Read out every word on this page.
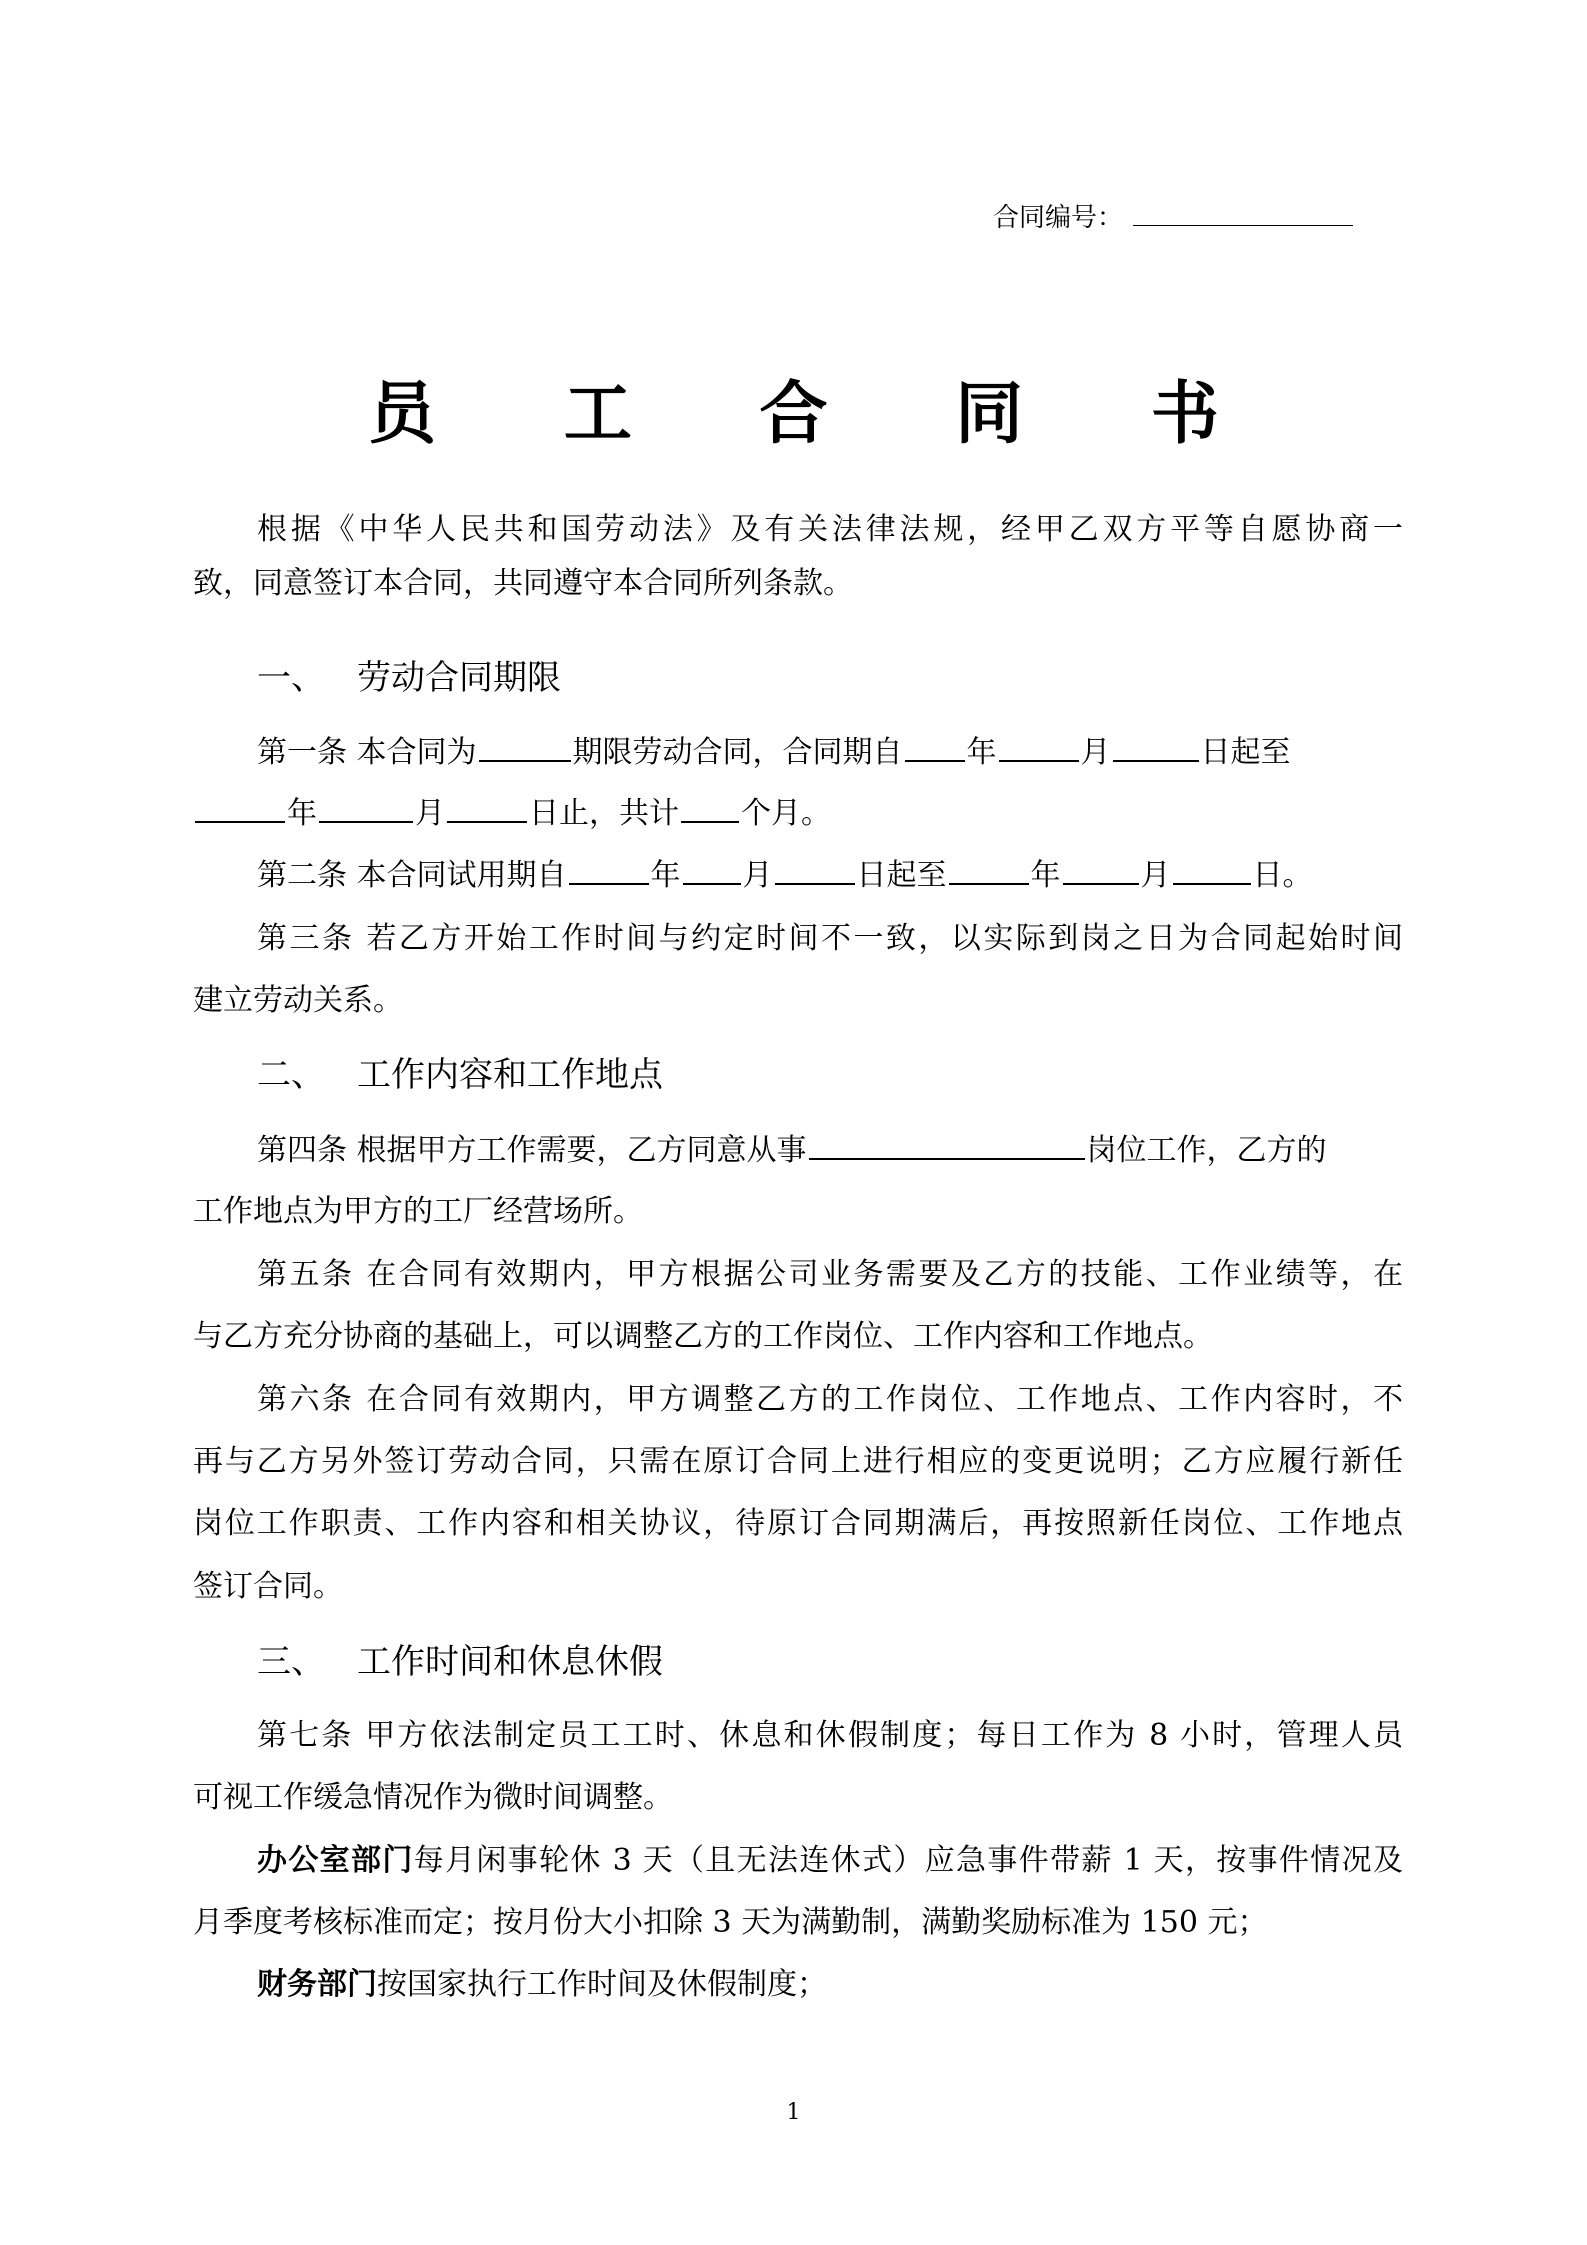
合同编号：
员 工 合 同 书
根据《中华人民共和国劳动法》及有关法律法规，经甲乙双方平等自愿协商一
致，同意签订本合同，共同遵守本合同所列条款。
一、 劳动合同期限
第一条 本合同为	期限劳动合同，合同期自 年	月	日起至
年	月	日止，共计 个月。
第二条 本合同试用期自	年 月	日起至	年	月	日。
第三条 若乙方开始工作时间与约定时间不一致，以实际到岗之日为合同起始时间
建立劳动关系。
二、 工作内容和工作地点
第四条 根据甲方工作需要，乙方同意从事	岗位工作，乙方的
工作地点为甲方的工厂经营场所。
第五条 在合同有效期内，甲方根据公司业务需要及乙方的技能、工作业绩等，在
与乙方充分协商的基础上，可以调整乙方的工作岗位、工作内容和工作地点。
第六条 在合同有效期内，甲方调整乙方的工作岗位、工作地点、工作内容时，不
再与乙方另外签订劳动合同，只需在原订合同上进行相应的变更说明；乙方应履行新任
岗位工作职责、工作内容和相关协议，待原订合同期满后，再按照新任岗位、工作地点
签订合同。
三、 工作时间和休息休假
第七条 甲方依法制定员工工时、休息和休假制度；每日工作为 8 小时，管理人员
可视工作缓急情况作为微时间调整。
办公室部门每月闲事轮休 3 天（且无法连休式）应急事件带薪 1 天，按事件情况及
月季度考核标准而定；按月份大小扣除 3 天为满勤制，满勤奖励标准为 150 元；
财务部门按国家执行工作时间及休假制度；
1
